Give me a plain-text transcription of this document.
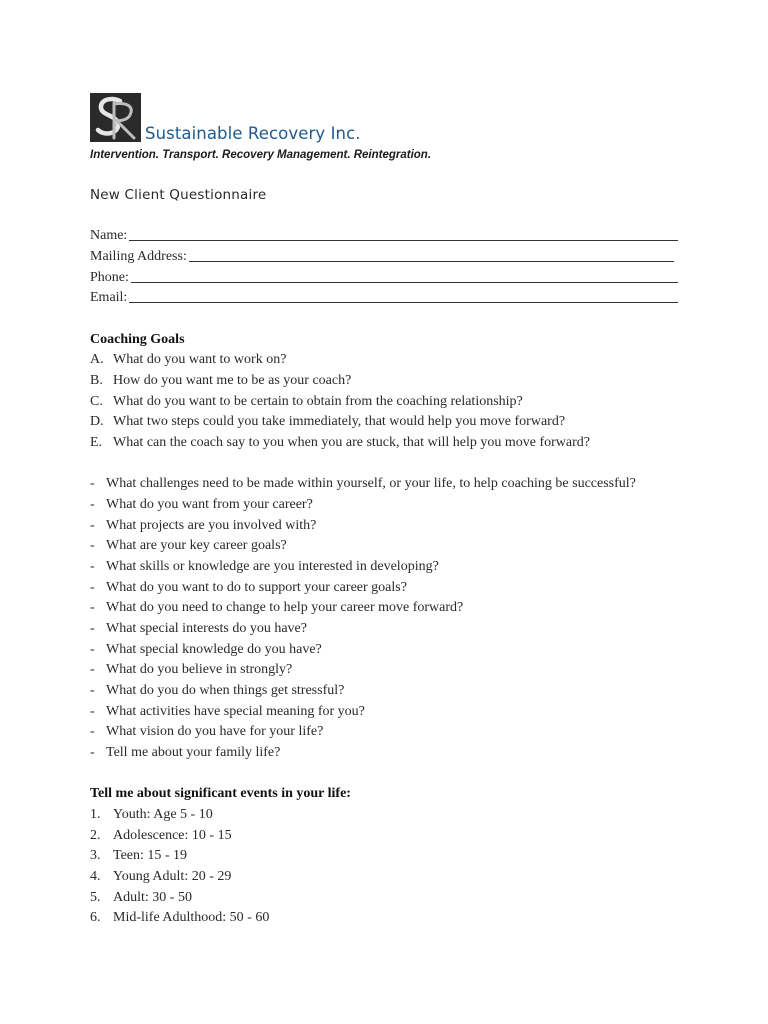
Sustainable Recovery Inc.
Intervention. Transport. Recovery Management. Reintegration.
New Client Questionnaire
Name:
Mailing Address:
Phone:
Email:
Coaching Goals
A. What do you want to work on?
B. How do you want me to be as your coach?
C. What do you want to be certain to obtain from the coaching relationship?
D. What two steps could you take immediately, that would help you move forward?
E. What can the coach say to you when you are stuck, that will help you move forward?
- What challenges need to be made within yourself, or your life, to help coaching be successful?
- What do you want from your career?
- What projects are you involved with?
- What are your key career goals?
- What skills or knowledge are you interested in developing?
- What do you want to do to support your career goals?
- What do you need to change to help your career move forward?
- What special interests do you have?
- What special knowledge do you have?
- What do you believe in strongly?
- What do you do when things get stressful?
- What activities have special meaning for you?
- What vision do you have for your life?
- Tell me about your family life?
Tell me about significant events in your life:
1. Youth: Age 5 - 10
2. Adolescence: 10 - 15
3. Teen: 15 - 19
4. Young Adult: 20 - 29
5. Adult: 30 - 50
6. Mid-life Adulthood: 50 - 60
